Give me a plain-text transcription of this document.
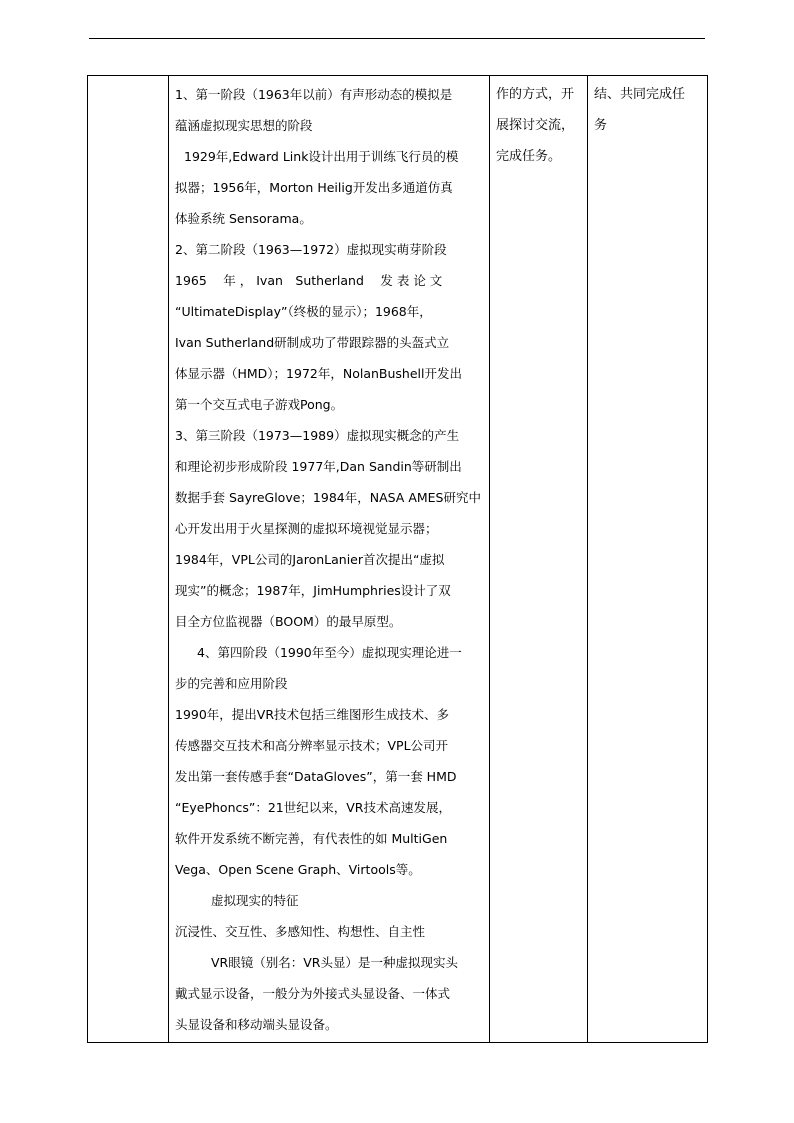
1、第一阶段（1963年以前）有声形动态的模拟是
蕴涵虚拟现实思想的阶段
1929年,Edward Link设计出用于训练飞行员的模
拟器；1956年，Morton Heilig开发出多通道仿真
体验系统 Sensorama。
2、第二阶段（1963—1972）虚拟现实萌芽阶段
1965　 年 ， Ivan　Sutherland　 发 表 论 文
“UltimateDisplay”（终极的显示）；1968年，
Ivan Sutherland研制成功了带跟踪器的头盔式立
体显示器（HMD）；1972年，NolanBushell开发出
第一个交互式电子游戏Pong。
3、第三阶段（1973—1989）虚拟现实概念的产生
和理论初步形成阶段 1977年,Dan Sandin等研制出
数据手套 SayreGlove；1984年，NASA AMES研究中
心开发出用于火星探测的虚拟环境视觉显示器；
1984年，VPL公司的JaronLanier首次提出“虚拟
现实”的概念；1987年，JimHumphries设计了双
目全方位监视器（BOOM）的最早原型。
4、第四阶段（1990年至今）虚拟现实理论进一
步的完善和应用阶段
1990年，提出VR技术包括三维图形生成技术、多
传感器交互技术和高分辨率显示技术；VPL公司开
发出第一套传感手套“DataGloves”，第一套 HMD
“EyePhoncs”：21世纪以来，VR技术高速发展，
软件开发系统不断完善，有代表性的如 MultiGen
Vega、Open Scene Graph、Virtools等。
虚拟现实的特征
沉浸性、交互性、多感知性、构想性、自主性
VR眼镜（别名：VR头显）是一种虚拟现实头
戴式显示设备，一般分为外接式头显设备、一体式
头显设备和移动端头显设备。

作的方式，开
展探讨交流，
完成任务。

结、共同完成任
务
